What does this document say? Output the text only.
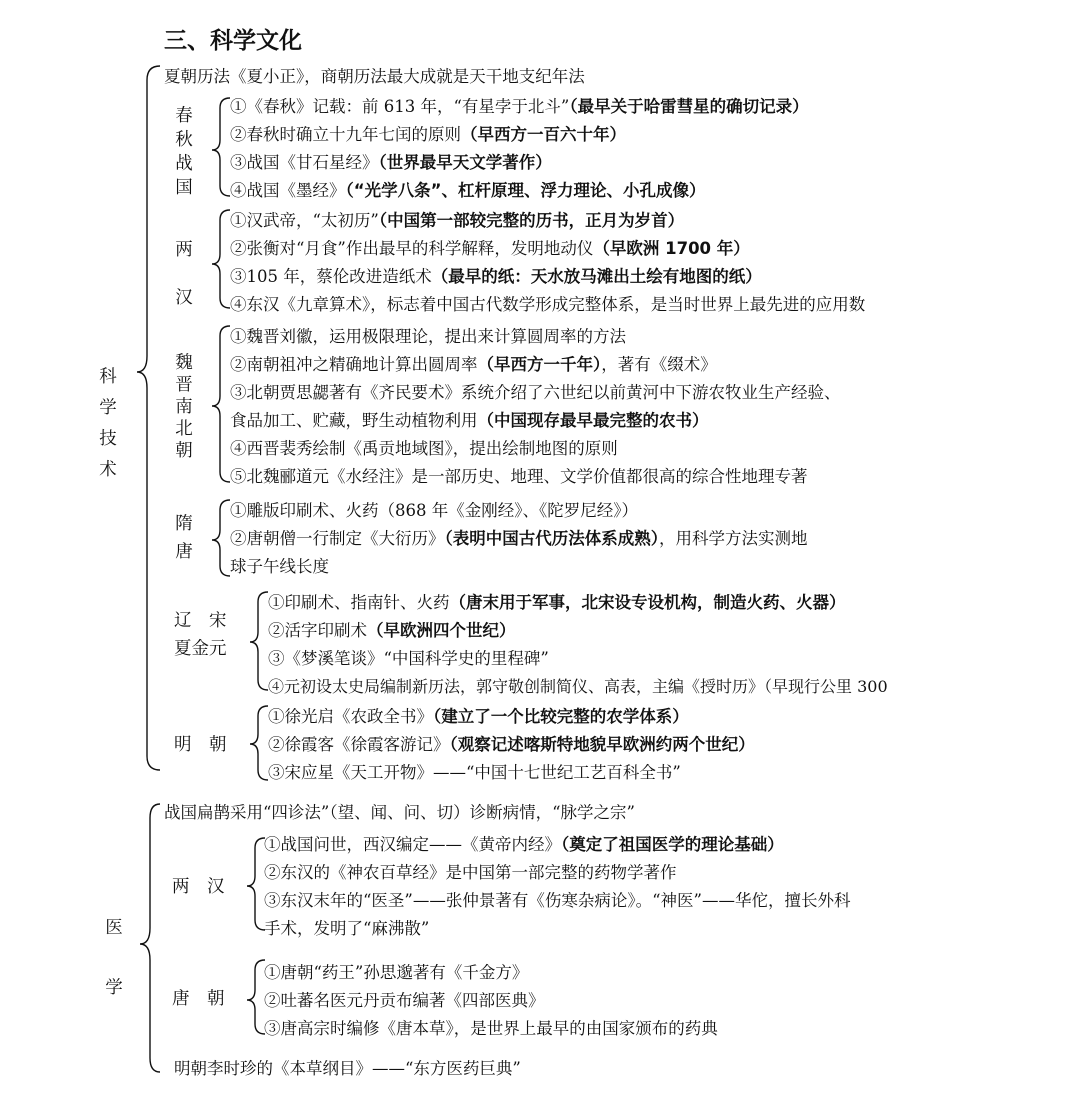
三、科学文化
科
学
技
术
夏朝历法《夏小正》，商朝历法最大成就是天干地支纪年法
春
秋
战
国
①《春秋》记载：前 613 年，“有星孛于北斗”（最早关于哈雷彗星的确切记录）
②春秋时确立十九年七闰的原则（早西方一百六十年）
③战国《甘石星经》（世界最早天文学著作）
④战国《墨经》（“光学八条”、杠杆原理、浮力理论、小孔成像）
两
汉
①汉武帝，“太初历”（中国第一部较完整的历书，正月为岁首）
②张衡对“月食”作出最早的科学解释，发明地动仪（早欧洲 1700 年）
③105 年，蔡伦改进造纸术（最早的纸：天水放马滩出土绘有地图的纸）
④东汉《九章算术》，标志着中国古代数学形成完整体系，是当时世界上最先进的应用数
魏
晋
南
北
朝
①魏晋刘徽，运用极限理论，提出来计算圆周率的方法
②南朝祖冲之精确地计算出圆周率（早西方一千年），著有《缀术》
③北朝贾思勰著有《齐民要术》系统介绍了六世纪以前黄河中下游农牧业生产经验、
食品加工、贮藏，野生动植物利用（中国现存最早最完整的农书）
④西晋裴秀绘制《禹贡地域图》，提出绘制地图的原则
⑤北魏郦道元《水经注》是一部历史、地理、文学价值都很高的综合性地理专著
隋
唐
①雕版印刷术、火药（868 年《金刚经》、《陀罗尼经》）
②唐朝僧一行制定《大衍历》（表明中国古代历法体系成熟），用科学方法实测地
球子午线长度
辽　宋
夏金元
①印刷术、指南针、火药（唐末用于军事，北宋设专设机构，制造火药、火器）
②活字印刷术（早欧洲四个世纪）
③《梦溪笔谈》“中国科学史的里程碑”
④元初设太史局编制新历法，郭守敬创制简仪、高表，主编《授时历》（早现行公里 300
明　朝
①徐光启《农政全书》（建立了一个比较完整的农学体系）
②徐霞客《徐霞客游记》（观察记述喀斯特地貌早欧洲约两个世纪）
③宋应星《天工开物》——“中国十七世纪工艺百科全书”
医
学
战国扁鹊采用“四诊法”（望、闻、问、切）诊断病情，“脉学之宗”
两　汉
①战国问世，西汉编定——《黄帝内经》（奠定了祖国医学的理论基础）
②东汉的《神农百草经》是中国第一部完整的药物学著作
③东汉末年的“医圣”——张仲景著有《伤寒杂病论》。“神医”——华佗，擅长外科
手术，发明了“麻沸散”
唐　朝
①唐朝“药王”孙思邈著有《千金方》
②吐蕃名医元丹贡布编著《四部医典》
③唐高宗时编修《唐本草》，是世界上最早的由国家颁布的药典
明朝李时珍的《本草纲目》——“东方医药巨典”
